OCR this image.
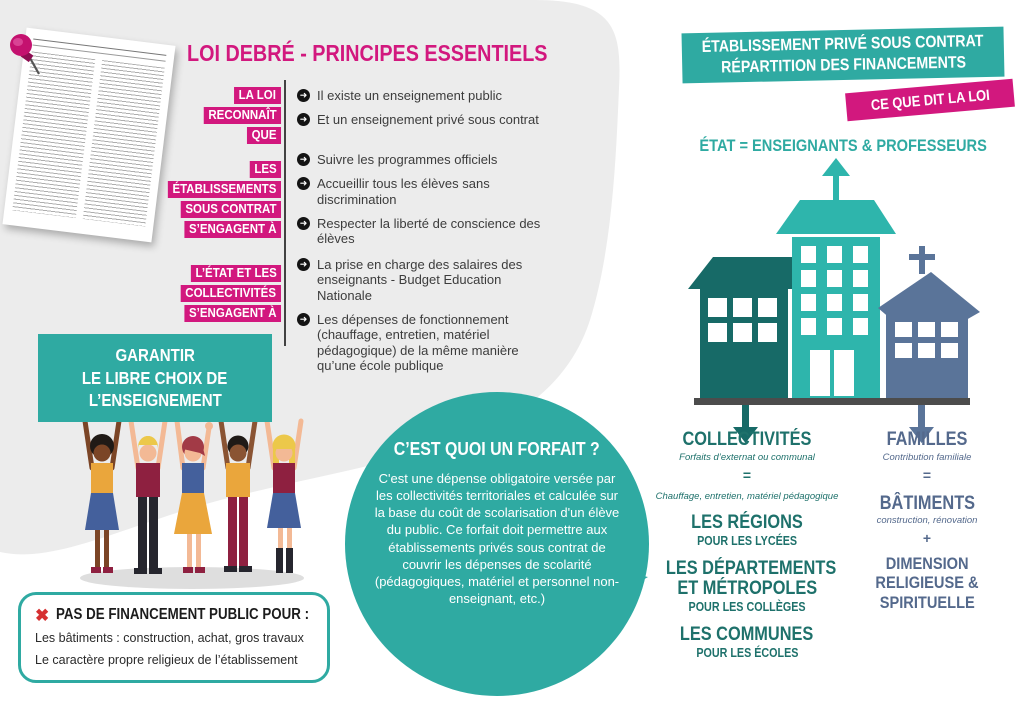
LOI DEBRÉ - PRINCIPES ESSENTIELS
LA LOI
RECONNAÎT
QUE
➜ Il existe un enseignement public
➜ Et un enseignement privé sous contrat
LES
ÉTABLISSEMENTS
SOUS CONTRAT
S’ENGAGENT À
➜ Suivre les programmes officiels
➜ Accueillir tous les élèves sans discrimination
➜ Respecter la liberté de conscience des élèves
L’ÉTAT ET LES
COLLECTIVITÉS
S’ENGAGENT À
➜ La prise en charge des salaires des enseignants - Budget Education Nationale
➜ Les dépenses de fonctionnement (chauffage, entretien, matériel pédagogique) de la même manière qu’une école publique
GARANTIR
LE LIBRE CHOIX DE
L’ENSEIGNEMENT
✖ PAS DE FINANCEMENT PUBLIC POUR :
Les bâtiments : construction, achat, gros travaux
Le caractère propre religieux de l’établissement
C’EST QUOI UN FORFAIT ?
C'est une dépense obligatoire versée par les collectivités territoriales et calculée sur la base du coût de scolarisation d'un élève du public. Ce forfait doit permettre aux établissements privés sous contrat de couvrir les dépenses de scolarité (pédagogiques, matériel et personnel non-enseignant, etc.)
ÉTABLISSEMENT PRIVÉ SOUS CONTRAT
RÉPARTITION DES FINANCEMENTS
CE QUE DIT LA LOI
ÉTAT = ENSEIGNANTS & PROFESSEURS
COLLECTIVITÉS
Forfaits d’externat ou communal
=
Chauffage, entretien, matériel pédagogique
LES RÉGIONS
POUR LES LYCÉES
LES DÉPARTEMENTS
ET MÉTROPOLES
POUR LES COLLÈGES
LES COMMUNES
POUR LES ÉCOLES
FAMILLES
Contribution familiale
=
BÂTIMENTS
construction, rénovation
+
DIMENSION
RELIGIEUSE &
SPIRITUELLE
